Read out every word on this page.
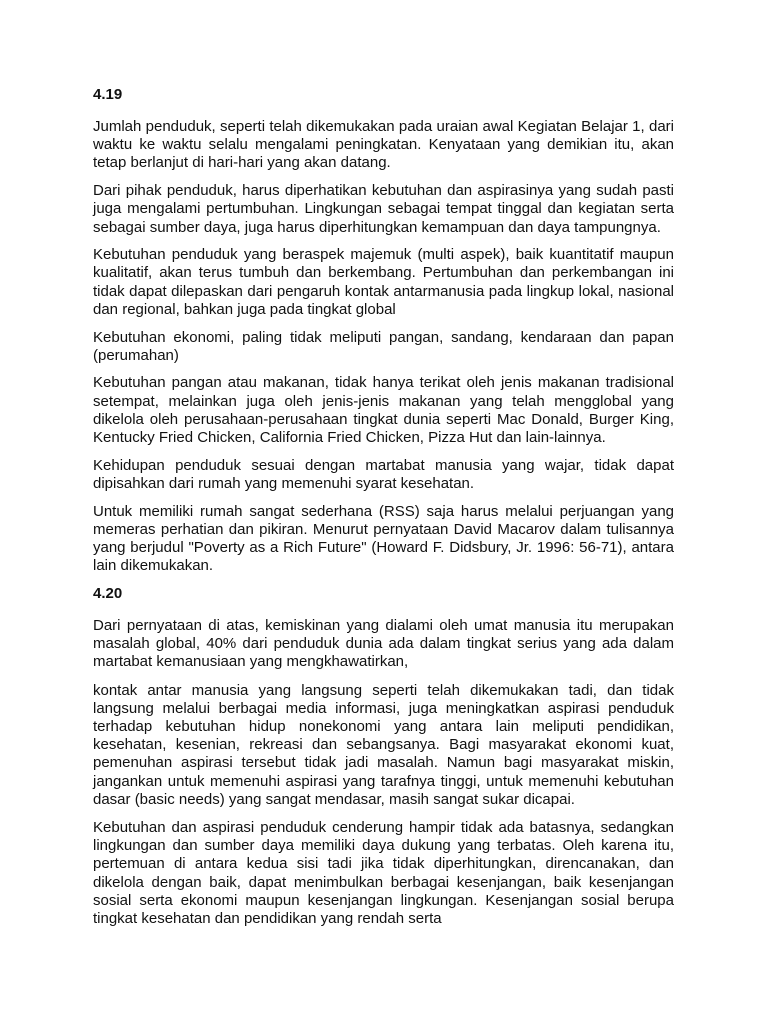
4.19

Jumlah penduduk, seperti telah dikemukakan pada uraian awal Kegiatan Belajar 1, dari waktu ke waktu selalu mengalami peningkatan. Kenyataan yang demikian itu, akan tetap berlanjut di hari-hari yang akan datang.

Dari pihak penduduk, harus diperhatikan kebutuhan dan aspirasinya yang sudah pasti juga mengalami pertumbuhan. Lingkungan sebagai tempat tinggal dan kegiatan serta sebagai sumber daya, juga harus diperhitungkan kemampuan dan daya tampungnya.

Kebutuhan penduduk yang beraspek majemuk (multi aspek), baik kuantitatif maupun kualitatif, akan terus tumbuh dan berkembang. Pertumbuhan dan perkembangan ini tidak dapat dilepaskan dari pengaruh kontak antarmanusia pada lingkup lokal, nasional dan regional, bahkan juga pada tingkat global

Kebutuhan ekonomi, paling tidak meliputi pangan, sandang, kendaraan dan papan (perumahan)

Kebutuhan pangan atau makanan, tidak hanya terikat oleh jenis makanan tradisional setempat, melainkan juga oleh jenis-jenis makanan yang telah mengglobal yang dikelola oleh perusahaan-perusahaan tingkat dunia seperti Mac Donald, Burger King, Kentucky Fried Chicken, California Fried Chicken, Pizza Hut dan lain-lainnya.

Kehidupan penduduk sesuai dengan martabat manusia yang wajar, tidak dapat dipisahkan dari rumah yang memenuhi syarat kesehatan.

Untuk memiliki rumah sangat sederhana (RSS) saja harus melalui perjuangan yang memeras perhatian dan pikiran. Menurut pernyataan David Macarov dalam tulisannya yang berjudul "Poverty as a Rich Future" (Howard F. Didsbury, Jr. 1996: 56-71), antara lain dikemukakan.

4.20

Dari pernyataan di atas, kemiskinan yang dialami oleh umat manusia itu merupakan masalah global, 40% dari penduduk dunia ada dalam tingkat serius yang ada dalam martabat kemanusiaan yang mengkhawatirkan,

kontak antar manusia yang langsung seperti telah dikemukakan tadi, dan tidak langsung melalui berbagai media informasi, juga meningkatkan aspirasi penduduk terhadap kebutuhan hidup nonekonomi yang antara lain meliputi pendidikan, kesehatan, kesenian, rekreasi dan sebangsanya. Bagi masyarakat ekonomi kuat, pemenuhan aspirasi tersebut tidak jadi masalah. Namun bagi masyarakat miskin, jangankan untuk memenuhi aspirasi yang tarafnya tinggi, untuk memenuhi kebutuhan dasar (basic needs) yang sangat mendasar, masih sangat sukar dicapai.

Kebutuhan dan aspirasi penduduk cenderung hampir tidak ada batasnya, sedangkan lingkungan dan sumber daya memiliki daya dukung yang terbatas. Oleh karena itu, pertemuan di antara kedua sisi tadi jika tidak diperhitungkan, direncanakan, dan dikelola dengan baik, dapat menimbulkan berbagai kesenjangan, baik kesenjangan sosial serta ekonomi maupun kesenjangan lingkungan. Kesenjangan sosial berupa tingkat kesehatan dan pendidikan yang rendah serta
